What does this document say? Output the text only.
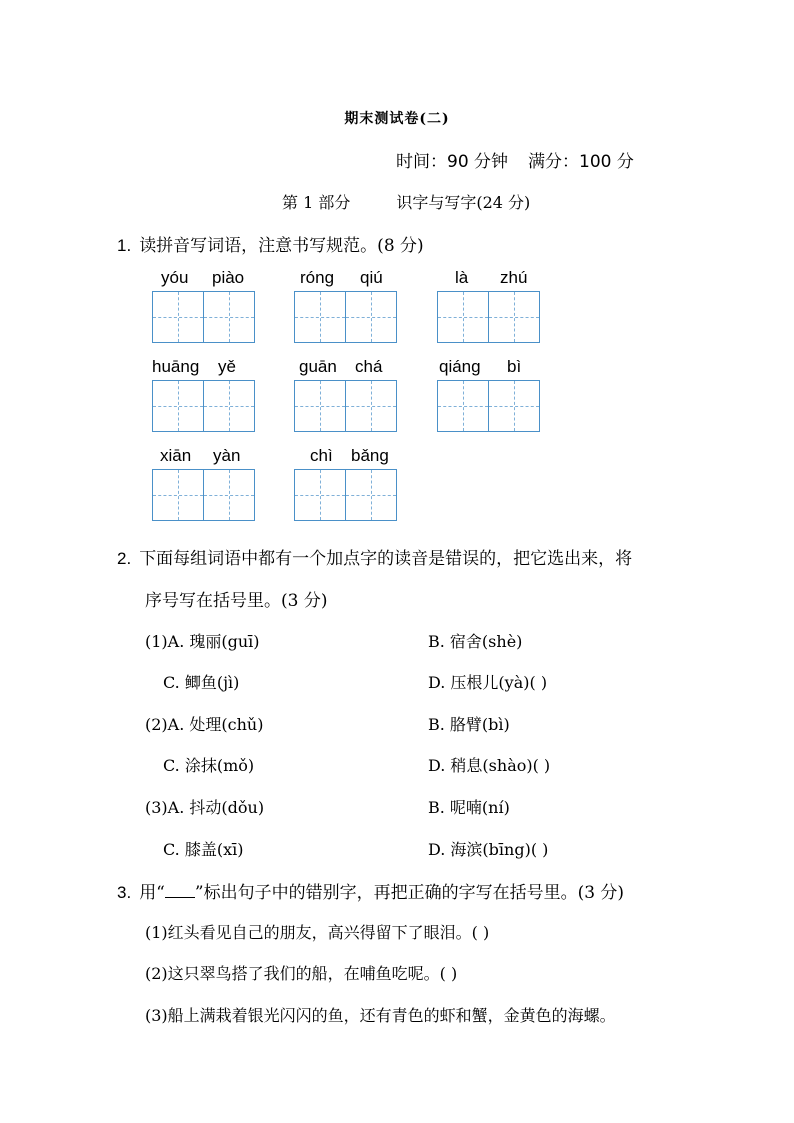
期末测试卷(二)
时间：90 分钟 满分：100 分
第 1 部分	识字与写字(24 分)
1. 读拼音写词语，注意书写规范。(8 分)
yóu piào	róng qiú	là zhú
huāng yě	guān chá	qiáng bì
xiān yàn	chì bǎng
2. 下面每组词语中都有一个加点字的读音是错误的，把它选出来，将
序号写在括号里。(3 分)
(1)A. 瑰丽(guī)	B. 宿舍(shè)
C. 鲫鱼(jì)	D. 压根儿(yà)( )
(2)A. 处理(chǔ)	B. 胳臂(bì)
C. 涂抹(mǒ)	D. 稍息(shào)( )
(3)A. 抖动(dǒu)	B. 呢喃(ní)
C. 膝盖(xī)	D. 海滨(bīng)( )
3. 用“ ”标出句子中的错别字，再把正确的字写在括号里。(3 分)
(1)红头看见自己的朋友，高兴得留下了眼泪。( )
(2)这只翠鸟搭了我们的船，在哺鱼吃呢。( )
(3)船上满栽着银光闪闪的鱼，还有青色的虾和蟹，金黄色的海螺。
